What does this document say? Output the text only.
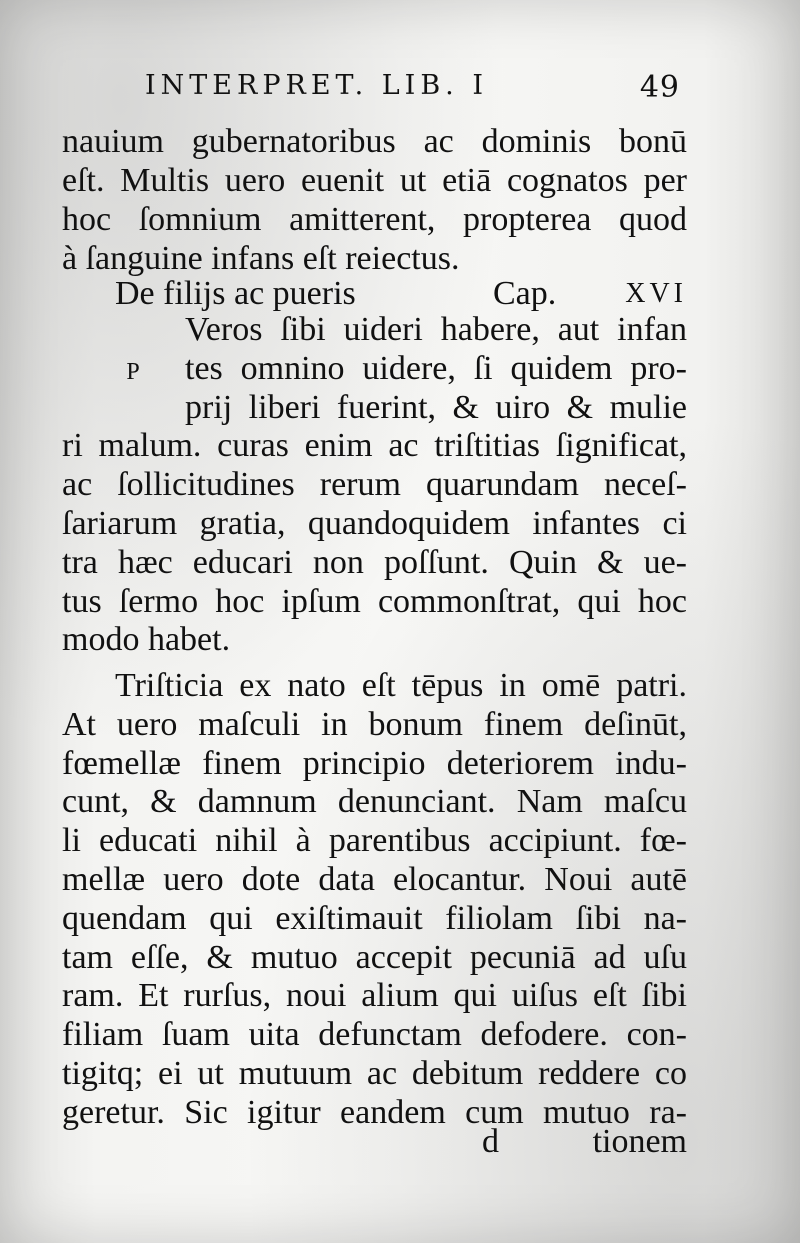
INTERPRET. LIB. I	49
nauium gubernatoribus ac dominis bonū
eſt. Multis uero euenit ut etiā cognatos per
hoc ſomnium amitterent, propterea quod
à ſanguine infans eſt reiectus.
De filijs ac pueris	Cap. XVI
P
Veros ſibi uideri habere, aut infan
tes omnino uidere, ſi quidem pro-
prij liberi fuerint, & uiro & mulie
ri malum. curas enim ac triſtitias ſignificat,
ac ſollicitudines rerum quarundam neceſ-
ſariarum gratia, quandoquidem infantes ci
tra hæc educari non poſſunt. Quin & ue-
tus ſermo hoc ipſum commonſtrat, qui hoc
modo habet.
Triſticia ex nato eſt tēpus in omē patri.
At uero maſculi in bonum finem deſinūt,
fœmellæ finem principio deteriorem indu-
cunt, & damnum denunciant. Nam maſcu
li educati nihil à parentibus accipiunt. fœ-
mellæ uero dote data elocantur. Noui autē
quendam qui exiſtimauit filiolam ſibi na-
tam eſſe, & mutuo accepit pecuniā ad uſu
ram. Et rurſus, noui alium qui uiſus eſt ſibi
filiam ſuam uita defunctam defodere. con-
tigitq; ei ut mutuum ac debitum reddere co
d	tionem
geretur. Sic igitur eandem cum mutuo ra-
